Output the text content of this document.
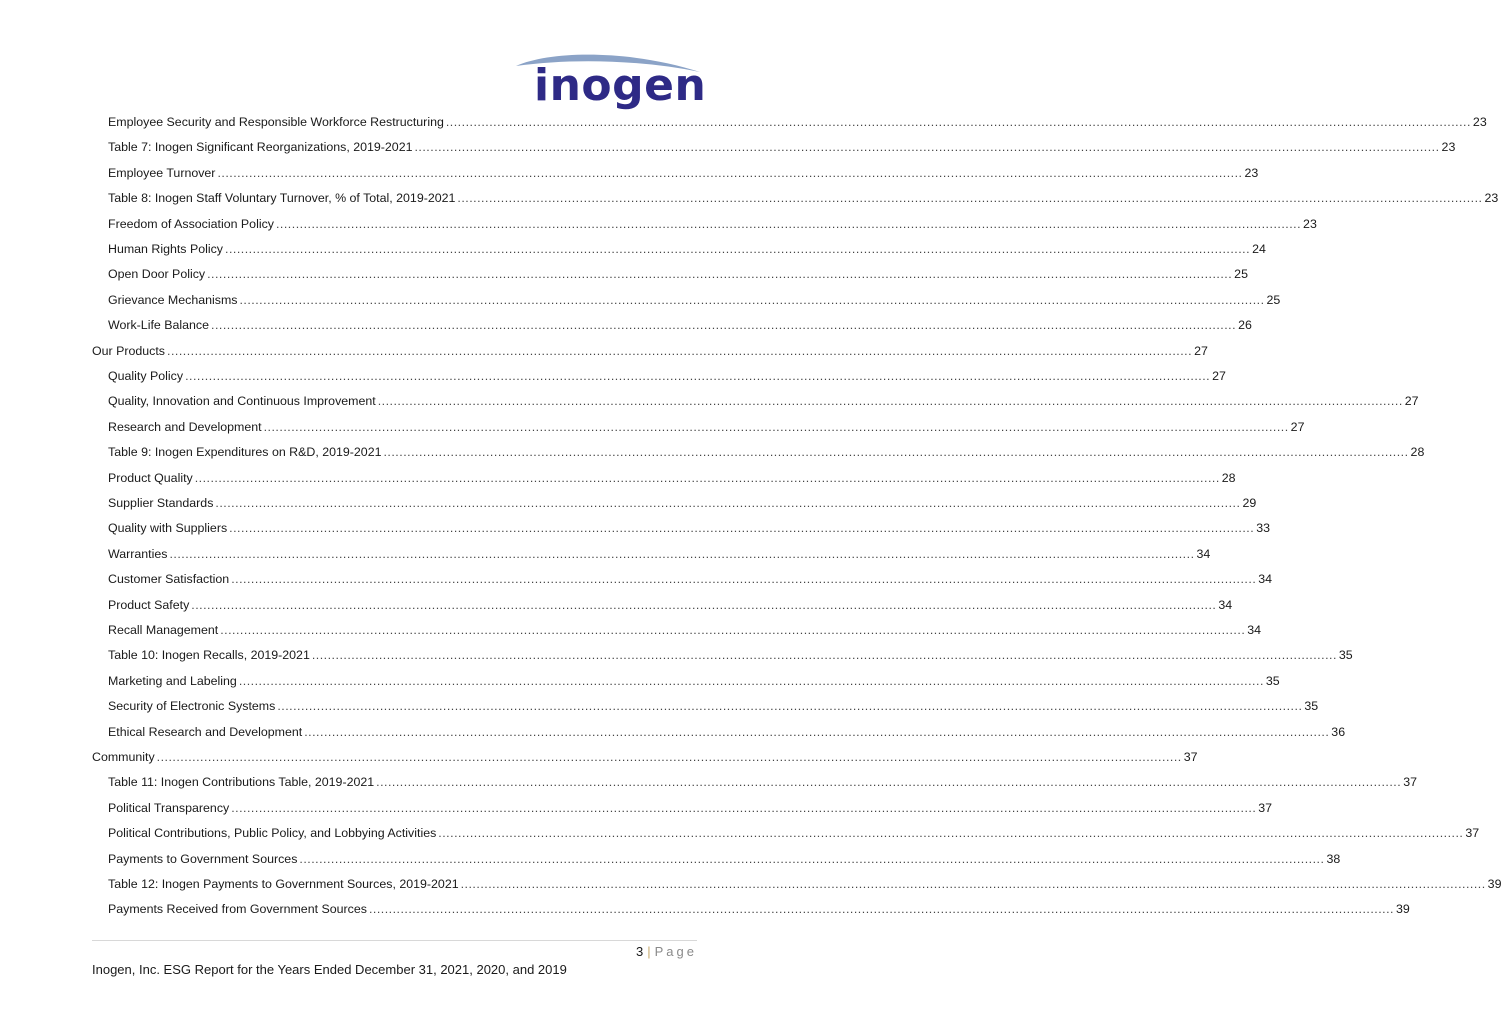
inogen
Employee Security and Responsible Workforce Restructuring .................................................................................................................................................................................................................................................................... 23
Table 7: Inogen Significant Reorganizations, 2019-2021 .................................................................................................................................................................................................................................................................... 23
Employee Turnover .................................................................................................................................................................................................................................................................... 23
Table 8: Inogen Staff Voluntary Turnover, % of Total, 2019-2021 .................................................................................................................................................................................................................................................................... 23
Freedom of Association Policy .................................................................................................................................................................................................................................................................... 23
Human Rights Policy .................................................................................................................................................................................................................................................................... 24
Open Door Policy .................................................................................................................................................................................................................................................................... 25
Grievance Mechanisms .................................................................................................................................................................................................................................................................... 25
Work-Life Balance .................................................................................................................................................................................................................................................................... 26
Our Products .................................................................................................................................................................................................................................................................... 27
Quality Policy .................................................................................................................................................................................................................................................................... 27
Quality, Innovation and Continuous Improvement .................................................................................................................................................................................................................................................................... 27
Research and Development .................................................................................................................................................................................................................................................................... 27
Table 9: Inogen Expenditures on R&D, 2019-2021 .................................................................................................................................................................................................................................................................... 28
Product Quality .................................................................................................................................................................................................................................................................... 28
Supplier Standards .................................................................................................................................................................................................................................................................... 29
Quality with Suppliers .................................................................................................................................................................................................................................................................... 33
Warranties .................................................................................................................................................................................................................................................................... 34
Customer Satisfaction .................................................................................................................................................................................................................................................................... 34
Product Safety .................................................................................................................................................................................................................................................................... 34
Recall Management .................................................................................................................................................................................................................................................................... 34
Table 10: Inogen Recalls, 2019-2021 .................................................................................................................................................................................................................................................................... 35
Marketing and Labeling .................................................................................................................................................................................................................................................................... 35
Security of Electronic Systems .................................................................................................................................................................................................................................................................... 35
Ethical Research and Development .................................................................................................................................................................................................................................................................... 36
Community .................................................................................................................................................................................................................................................................... 37
Table 11: Inogen Contributions Table, 2019-2021 .................................................................................................................................................................................................................................................................... 37
Political Transparency .................................................................................................................................................................................................................................................................... 37
Political Contributions, Public Policy, and Lobbying Activities .................................................................................................................................................................................................................................................................... 37
Payments to Government Sources .................................................................................................................................................................................................................................................................... 38
Table 12: Inogen Payments to Government Sources, 2019-2021 .................................................................................................................................................................................................................................................................... 39
Payments Received from Government Sources .................................................................................................................................................................................................................................................................... 39
3 | Page
Inogen, Inc. ESG Report for the Years Ended December 31, 2021, 2020, and 2019
